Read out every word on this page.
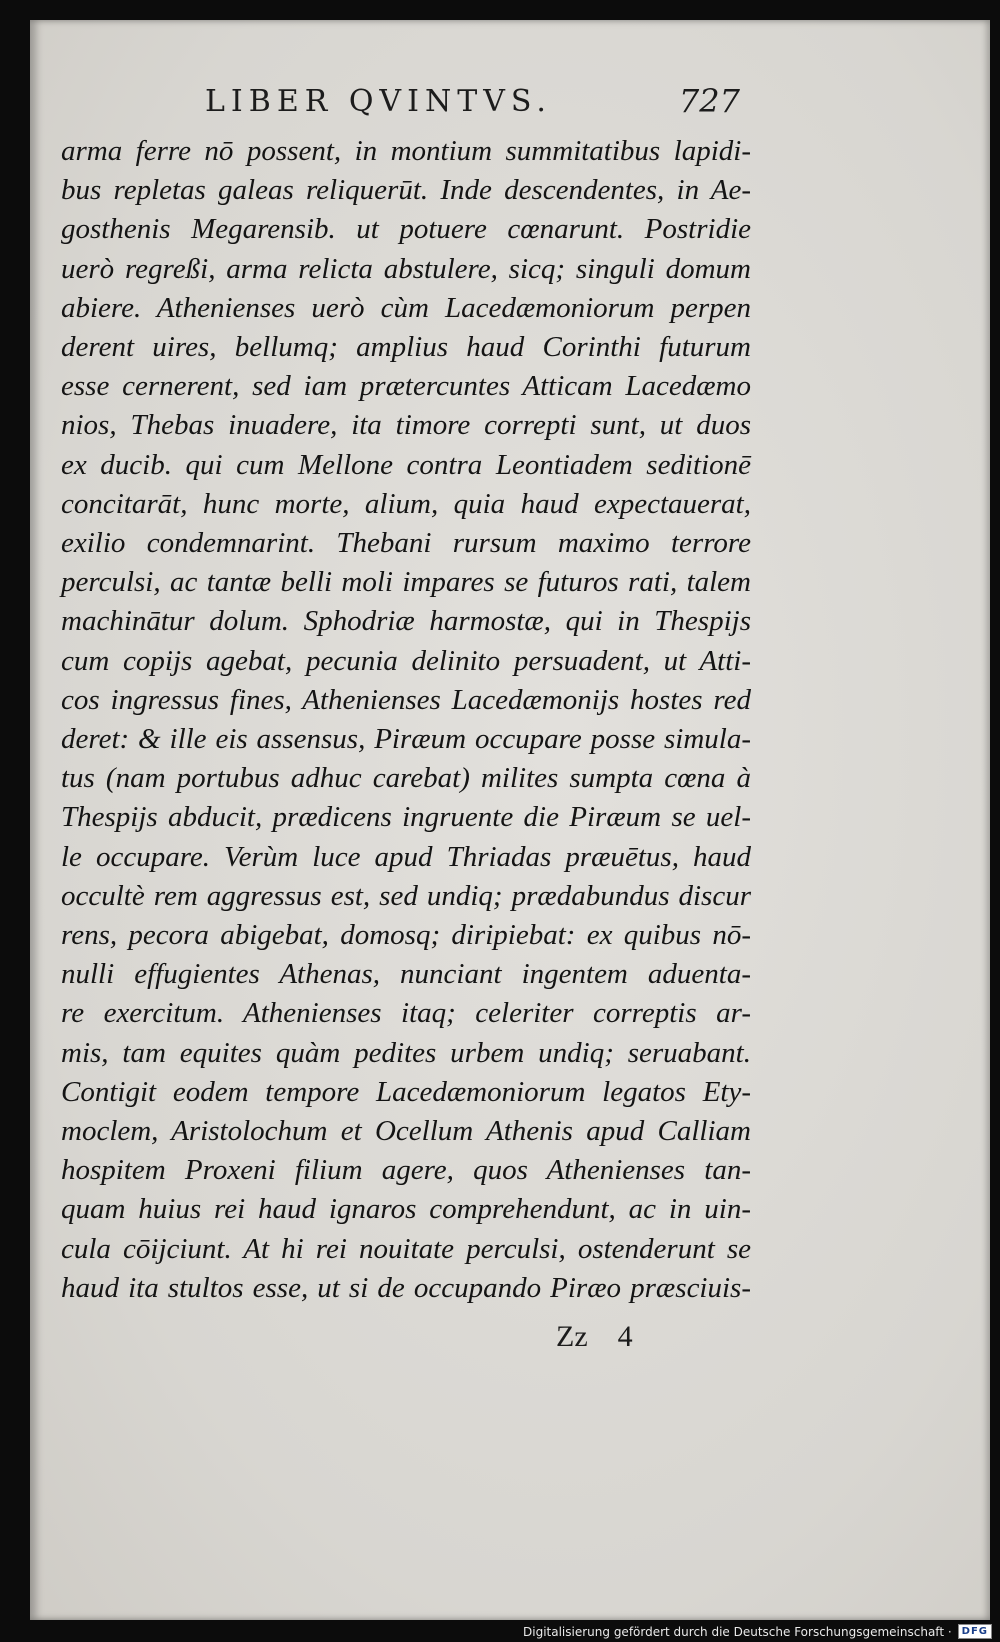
LIBER QVINTVS.	727
arma ferre nō possent, in montium summitatibus lapidi-
bus repletas galeas reliquerūt. Inde descendentes, in Ae-
gosthenis Megarensib. ut potuere cœnarunt. Postridie
uerò regreßi, arma relicta abstulere, sicq; singuli domum
abiere. Athenienses uerò cùm Lacedæmoniorum perpen
derent uires, bellumq; amplius haud Corinthi futurum
esse cernerent, sed iam prætercuntes Atticam Lacedæmo
nios, Thebas inuadere, ita timore correpti sunt, ut duos
ex ducib. qui cum Mellone contra Leontiadem seditionē
concitarāt, hunc morte, alium, quia haud expectauerat,
exilio condemnarint. Thebani rursum maximo terrore
perculsi, ac tantæ belli moli impares se futuros rati, talem
machinātur dolum. Sphodriæ harmostæ, qui in Thespijs
cum copijs agebat, pecunia delinito persuadent, ut Atti-
cos ingressus fines, Athenienses Lacedæmonijs hostes red
deret: & ille eis assensus, Piræum occupare posse simula-
tus (nam portubus adhuc carebat) milites sumpta cœna à
Thespijs abducit, prædicens ingruente die Piræum se uel-
le occupare. Verùm luce apud Thriadas præuētus, haud
occultè rem aggressus est, sed undiq; prædabundus discur
rens, pecora abigebat, domosq; diripiebat: ex quibus nō-
nulli effugientes Athenas, nunciant ingentem aduenta-
re exercitum. Athenienses itaq; celeriter correptis ar-
mis, tam equites quàm pedites urbem undiq; seruabant.
Contigit eodem tempore Lacedæmoniorum legatos Ety-
moclem, Aristolochum et Ocellum Athenis apud Calliam
hospitem Proxeni filium agere, quos Athenienses tan-
quam huius rei haud ignaros comprehendunt, ac in uin-
cula cōijciunt. At hi rei nouitate perculsi, ostenderunt se
haud ita stultos esse, ut si de occupando Piræo præsciuis-
Zz 4
Digitalisierung gefördert durch die Deutsche Forschungsgemeinschaft ·	DFG
